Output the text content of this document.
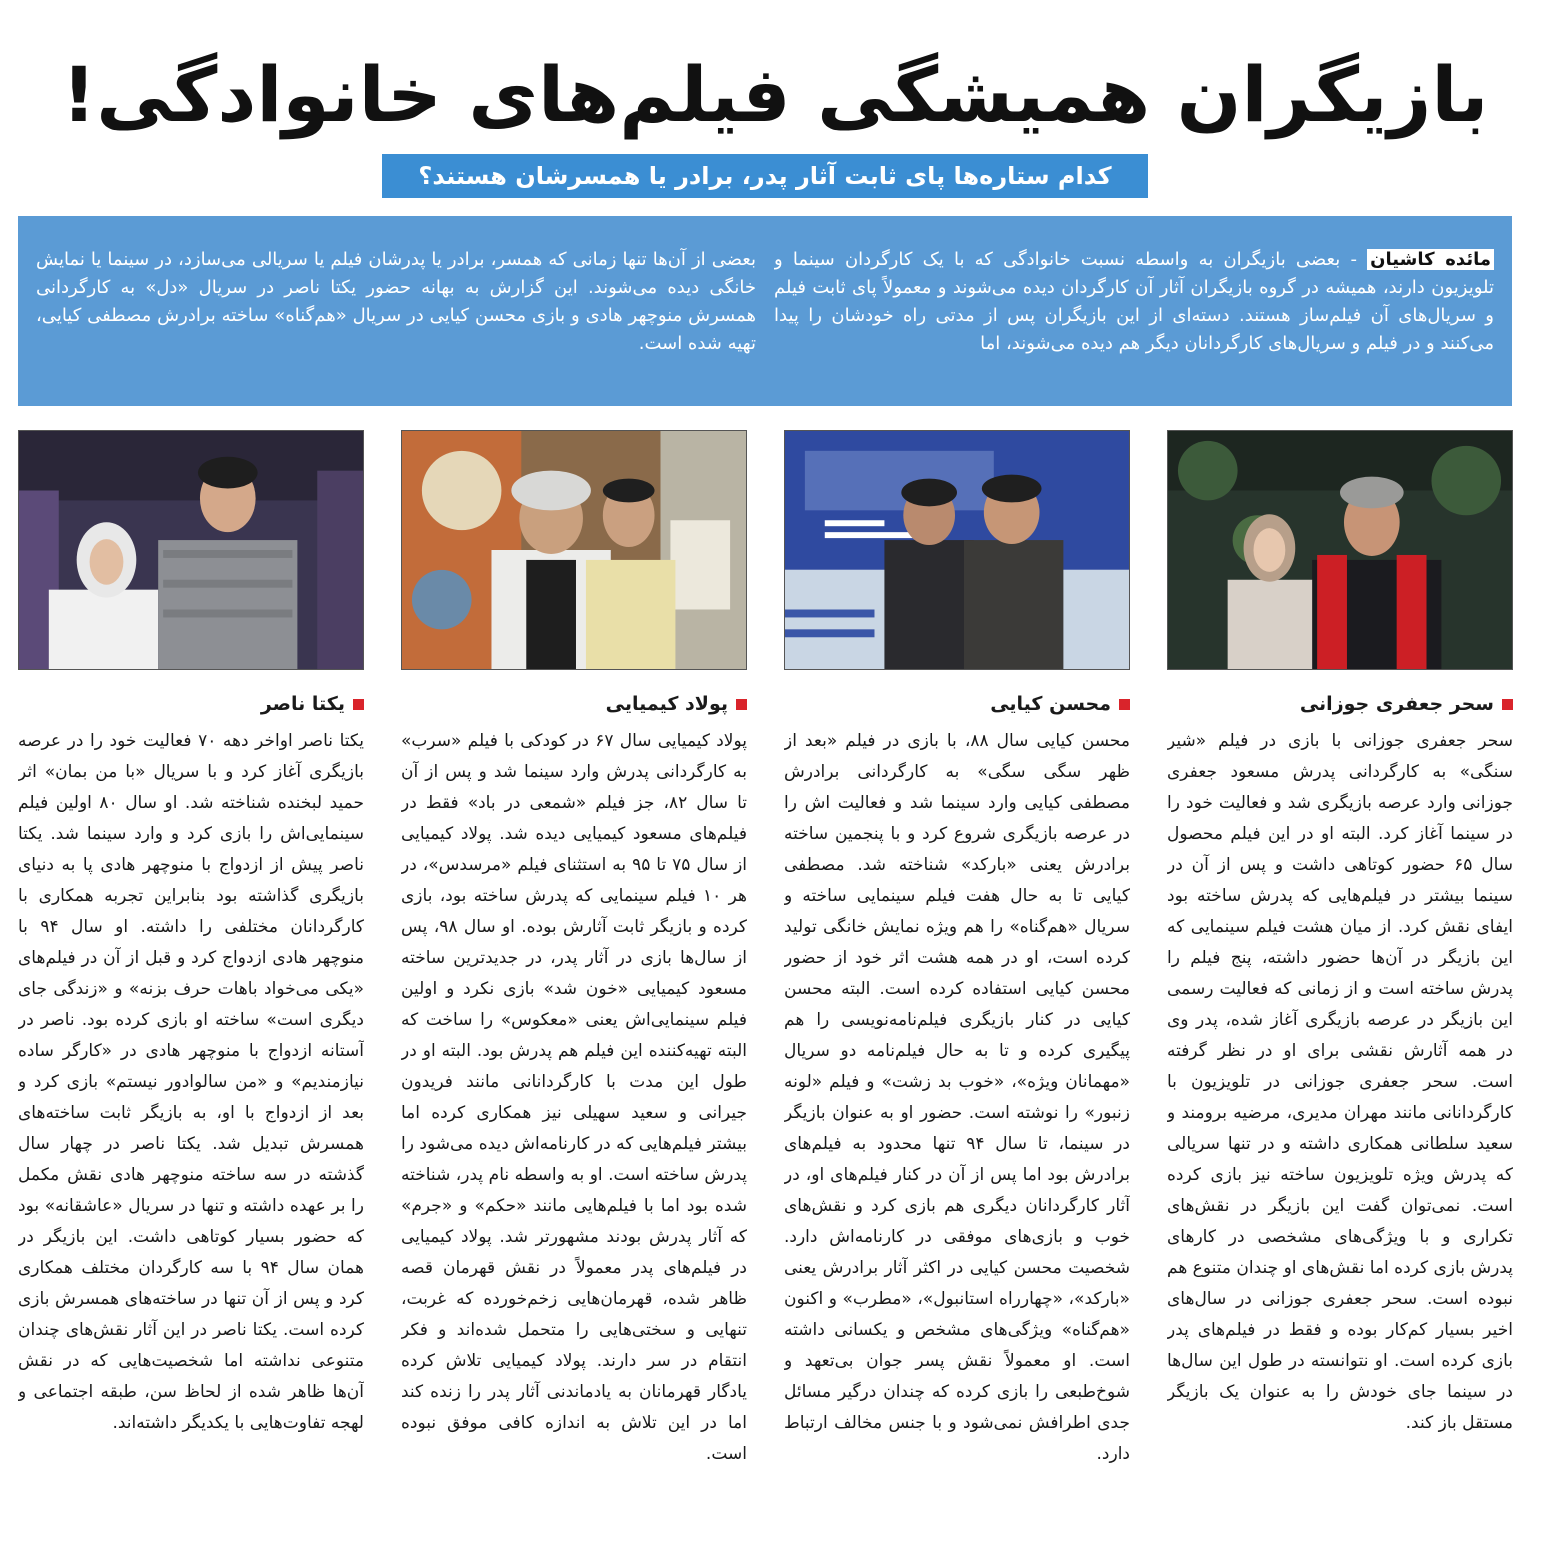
بازیگران همیشگی فیلم‌های خانوادگی!
کدام ستاره‌ها پای ثابت آثار پدر، برادر یا همسرشان هستند؟
مائده کاشیان - بعضی بازیگران به واسطه نسبت خانوادگی که با یک کارگردان سینما و تلویزیون دارند، همیشه در گروه بازیگران آثار آن کارگردان دیده می‌شوند و معمولاً پای ثابت فیلم و سریال‌های آن فیلم‌ساز هستند. دسته‌ای از این بازیگران پس از مدتی راه خودشان را پیدا می‌کنند و در فیلم و سریال‌های کارگردانان دیگر هم دیده می‌شوند، اما
بعضی از آن‌ها تنها زمانی که همسر، برادر یا پدرشان فیلم یا سریالی می‌سازد، در سینما یا نمایش خانگی دیده می‌شوند. این گزارش به بهانه حضور یکتا ناصر در سریال «دل» به کارگردانی همسرش منوچهر هادی و بازی محسن کیایی در سریال «هم‌گناه» ساخته برادرش مصطفی کیایی، تهیه شده است.
سحر جعفری جوزانی
سحر جعفری جوزانی با بازی در فیلم «شیر سنگی» به کارگردانی پدرش مسعود جعفری جوزانی وارد عرصه بازیگری شد و فعالیت خود را در سینما آغاز کرد. البته او در این فیلم محصول سال ۶۵ حضور کوتاهی داشت و پس از آن در سینما بیشتر در فیلم‌هایی که پدرش ساخته بود ایفای نقش کرد. از میان هشت فیلم سینمایی که این بازیگر در آن‌ها حضور داشته، پنج فیلم را پدرش ساخته است و از زمانی که فعالیت رسمی این بازیگر در عرصه بازیگری آغاز شده، پدر وی در همه آثارش نقشی برای او در نظر گرفته است. سحر جعفری جوزانی در تلویزیون با کارگردانانی مانند مهران مدیری، مرضیه برومند و سعید سلطانی همکاری داشته و در تنها سریالی که پدرش ویژه تلویزیون ساخته نیز بازی کرده است. نمی‌توان گفت این بازیگر در نقش‌های تکراری و با ویژگی‌های مشخصی در کارهای پدرش بازی کرده اما نقش‌های او چندان متنوع هم نبوده است. سحر جعفری جوزانی در سال‌های اخیر بسیار کم‌کار بوده و فقط در فیلم‌های پدر بازی کرده است. او نتوانسته در طول این سال‌ها در سینما جای خودش را به عنوان یک بازیگر مستقل باز کند.
محسن کیایی
محسن کیایی سال ۸۸، با بازی در فیلم «بعد از ظهر سگی سگی» به کارگردانی برادرش مصطفی کیایی وارد سینما شد و فعالیت اش را در عرصه بازیگری شروع کرد و با پنجمین ساخته برادرش یعنی «بارکد» شناخته شد. مصطفی کیایی تا به حال هفت فیلم سینمایی ساخته و سریال «هم‌گناه» را هم ویژه نمایش خانگی تولید کرده است، او در همه هشت اثر خود از حضور محسن کیایی استفاده کرده است. البته محسن کیایی در کنار بازیگری فیلم‌نامه‌نویسی را هم پیگیری کرده و تا به حال فیلم‌نامه دو سریال «مهمانان ویژه»، «خوب بد زشت» و فیلم «لونه زنبور» را نوشته است. حضور او به عنوان بازیگر در سینما، تا سال ۹۴ تنها محدود به فیلم‌های برادرش بود اما پس از آن در کنار فیلم‌های او، در آثار کارگردانان دیگری هم بازی کرد و نقش‌های خوب و بازی‌های موفقی در کارنامه‌اش دارد. شخصیت محسن کیایی در اکثر آثار برادرش یعنی «بارکد»، «چهارراه استانبول»، «مطرب» و اکنون «هم‌گناه» ویژگی‌های مشخص و یکسانی داشته است. او معمولاً نقش پسر جوان بی‌تعهد و شوخ‌طبعی را بازی کرده که چندان درگیر مسائل جدی اطرافش نمی‌شود و با جنس مخالف ارتباط دارد.
پولاد کیمیایی
پولاد کیمیایی سال ۶۷ در کودکی با فیلم «سرب» به کارگردانی پدرش وارد سینما شد و پس از آن تا سال ۸۲، جز فیلم «شمعی در باد» فقط در فیلم‌های مسعود کیمیایی دیده شد. پولاد کیمیایی از سال ۷۵ تا ۹۵ به استثنای فیلم «مرسدس»، در هر ۱۰ فیلم سینمایی که پدرش ساخته بود، بازی کرده و بازیگر ثابت آثارش بوده. او سال ۹۸، پس از سال‌ها بازی در آثار پدر، در جدیدترین ساخته مسعود کیمیایی «خون شد» بازی نکرد و اولین فیلم سینمایی‌اش یعنی «معکوس» را ساخت که البته تهیه‌کننده این فیلم هم پدرش بود. البته او در طول این مدت با کارگردانانی مانند فریدون جیرانی و سعید سهیلی نیز همکاری کرده اما بیشتر فیلم‌هایی که در کارنامه‌اش دیده می‌شود را پدرش ساخته است. او به واسطه نام پدر، شناخته شده بود اما با فیلم‌هایی مانند «حکم» و «جرم» که آثار پدرش بودند مشهورتر شد. پولاد کیمیایی در فیلم‌های پدر معمولاً در نقش قهرمان قصه ظاهر شده، قهرمان‌هایی زخم‌خورده که غربت، تنهایی و سختی‌هایی را متحمل شده‌اند و فکر انتقام در سر دارند. پولاد کیمیایی تلاش کرده یادگار قهرمانان به یادماندنی آثار پدر را زنده کند اما در این تلاش به اندازه کافی موفق نبوده است.
یکتا ناصر
یکتا ناصر اواخر دهه ۷۰ فعالیت خود را در عرصه بازیگری آغاز کرد و با سریال «با من بمان» اثر حمید لبخنده شناخته شد. او سال ۸۰ اولین فیلم سینمایی‌اش را بازی کرد و وارد سینما شد. یکتا ناصر پیش از ازدواج با منوچهر هادی پا به دنیای بازیگری گذاشته بود بنابراین تجربه همکاری با کارگردانان مختلفی را داشته. او سال ۹۴ با منوچهر هادی ازدواج کرد و قبل از آن در فیلم‌های «یکی می‌خواد باهات حرف بزنه» و «زندگی جای دیگری است» ساخته او بازی کرده بود. ناصر در آستانه ازدواج با منوچهر هادی در «کارگر ساده نیازمندیم» و «من سالوادور نیستم» بازی کرد و بعد از ازدواج با او، به بازیگر ثابت ساخته‌های همسرش تبدیل شد. یکتا ناصر در چهار سال گذشته در سه ساخته منوچهر هادی نقش مکمل را بر عهده داشته و تنها در سریال «عاشقانه» بود که حضور بسیار کوتاهی داشت. این بازیگر در همان سال ۹۴ با سه کارگردان مختلف همکاری کرد و پس از آن تنها در ساخته‌های همسرش بازی کرده است. یکتا ناصر در این آثار نقش‌های چندان متنوعی نداشته اما شخصیت‌هایی که در نقش آن‌ها ظاهر شده از لحاظ سن، طبقه اجتماعی و لهجه تفاوت‌هایی با یکدیگر داشته‌اند.
